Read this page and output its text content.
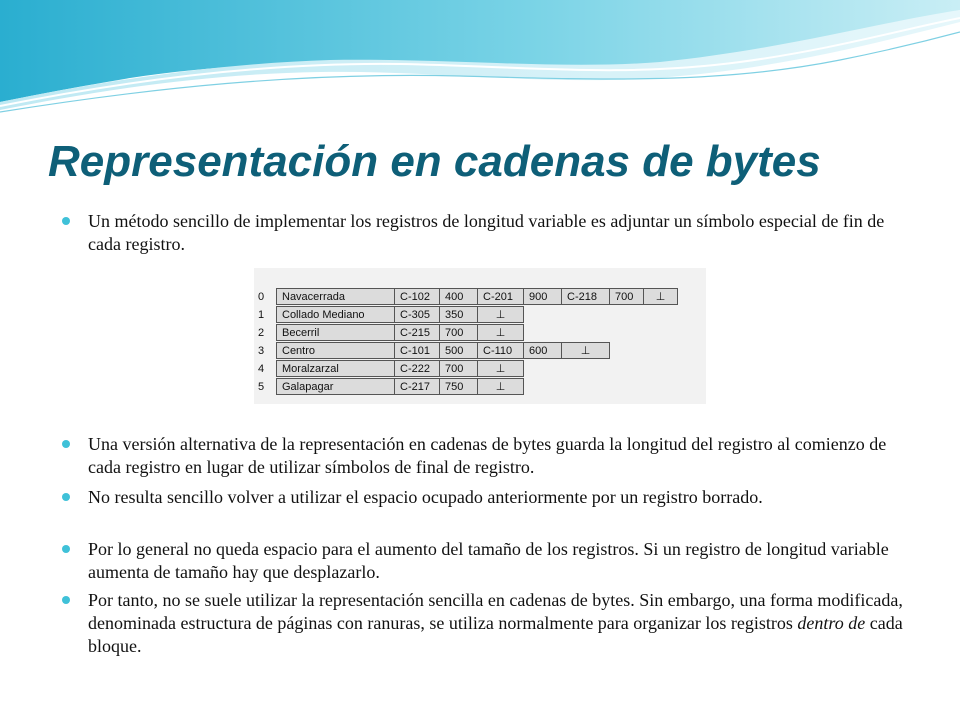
Representación en cadenas de bytes
Un método sencillo de implementar los registros de longitud variable es adjuntar un símbolo especial de fin de cada registro.
0	Navacerrada	C-102	400	C-201	900	C-218	700	⊥
1	Collado Mediano	C-305	350	⊥
2	Becerril	C-215	700	⊥
3	Centro	C-101	500	C-110	600	⊥
4	Moralzarzal	C-222	700	⊥
5	Galapagar	C-217	750	⊥
Una versión alternativa de la representación en cadenas de bytes guarda la longitud del registro al comienzo de cada registro en lugar de utilizar símbolos de final de registro.
No resulta sencillo volver a utilizar el espacio ocupado anteriormente por un registro borrado.
Por lo general no queda espacio para el aumento del tamaño de los registros. Si un registro de longitud variable aumenta de tamaño hay que desplazarlo.
Por tanto, no se suele utilizar la representación sencilla en cadenas de bytes. Sin embargo, una forma modificada, denominada estructura de páginas con ranuras, se utiliza normalmente para organizar los registros dentro de cada bloque.
